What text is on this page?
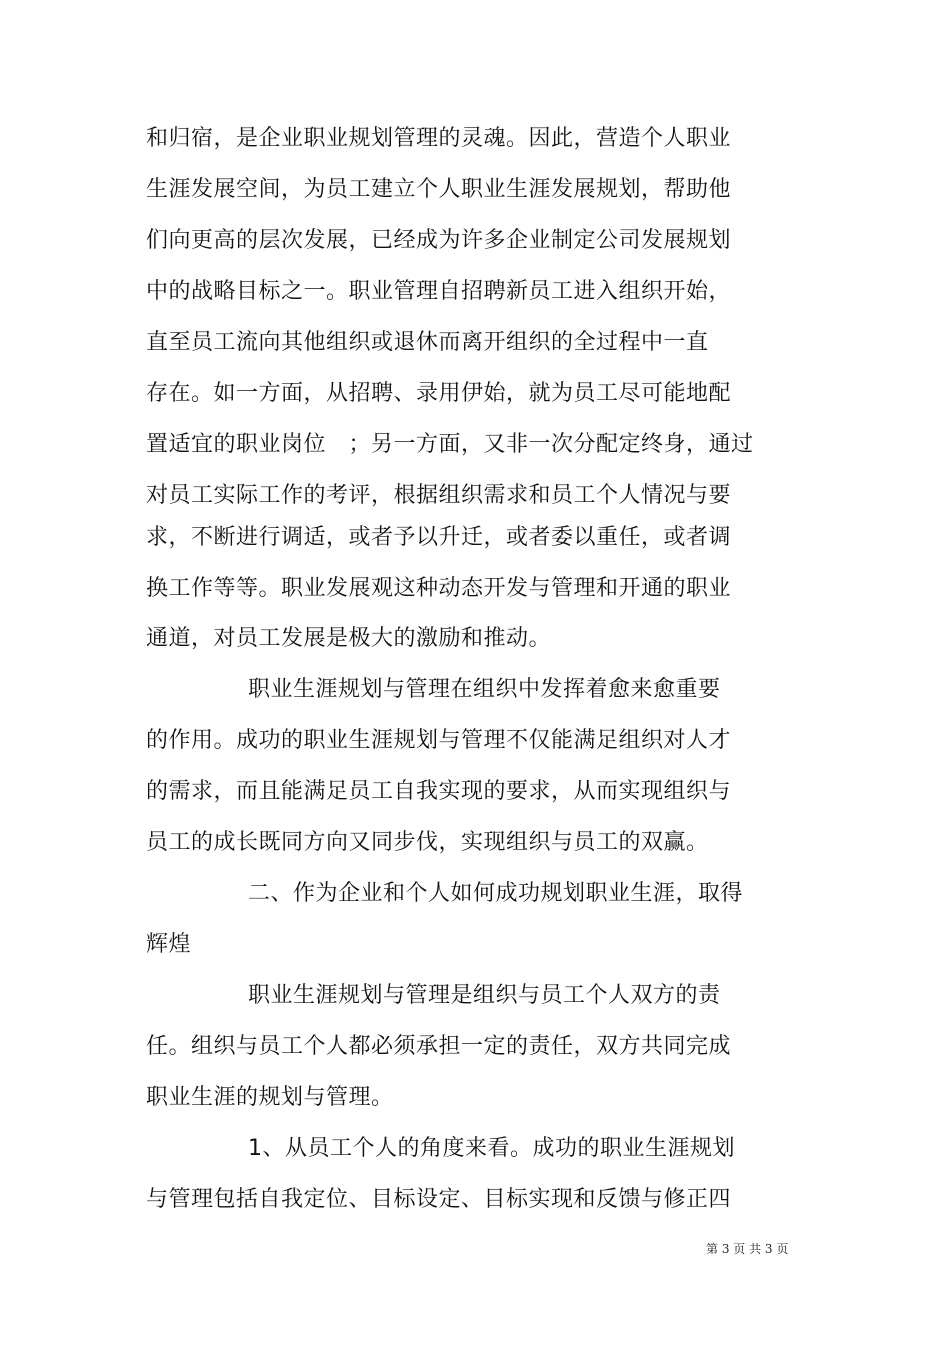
和归宿，是企业职业规划管理的灵魂。因此，营造个人职业
生涯发展空间，为员工建立个人职业生涯发展规划，帮助他
们向更高的层次发展，已经成为许多企业制定公司发展规划
中的战略目标之一。职业管理自招聘新员工进入组织开始，
直至员工流向其他组织或退休而离开组织的全过程中一直
存在。如一方面，从招聘、录用伊始，就为员工尽可能地配
置适宜的职业岗位   ；另一方面，又非一次分配定终身，通过
对员工实际工作的考评，根据组织需求和员工个人情况与要
求，不断进行调适，或者予以升迁，或者委以重任，或者调
换工作等等。职业发展观这种动态开发与管理和开通的职业
通道，对员工发展是极大的激励和推动。
职业生涯规划与管理在组织中发挥着愈来愈重要
的作用。成功的职业生涯规划与管理不仅能满足组织对人才
的需求，而且能满足员工自我实现的要求，从而实现组织与
员工的成长既同方向又同步伐，实现组织与员工的双赢。
二、作为企业和个人如何成功规划职业生涯，取得
辉煌
职业生涯规划与管理是组织与员工个人双方的责
任。组织与员工个人都必须承担一定的责任，双方共同完成
职业生涯的规划与管理。
1、从员工个人的角度来看。成功的职业生涯规划
与管理包括自我定位、目标设定、目标实现和反馈与修正四
第 3 页 共 3 页
